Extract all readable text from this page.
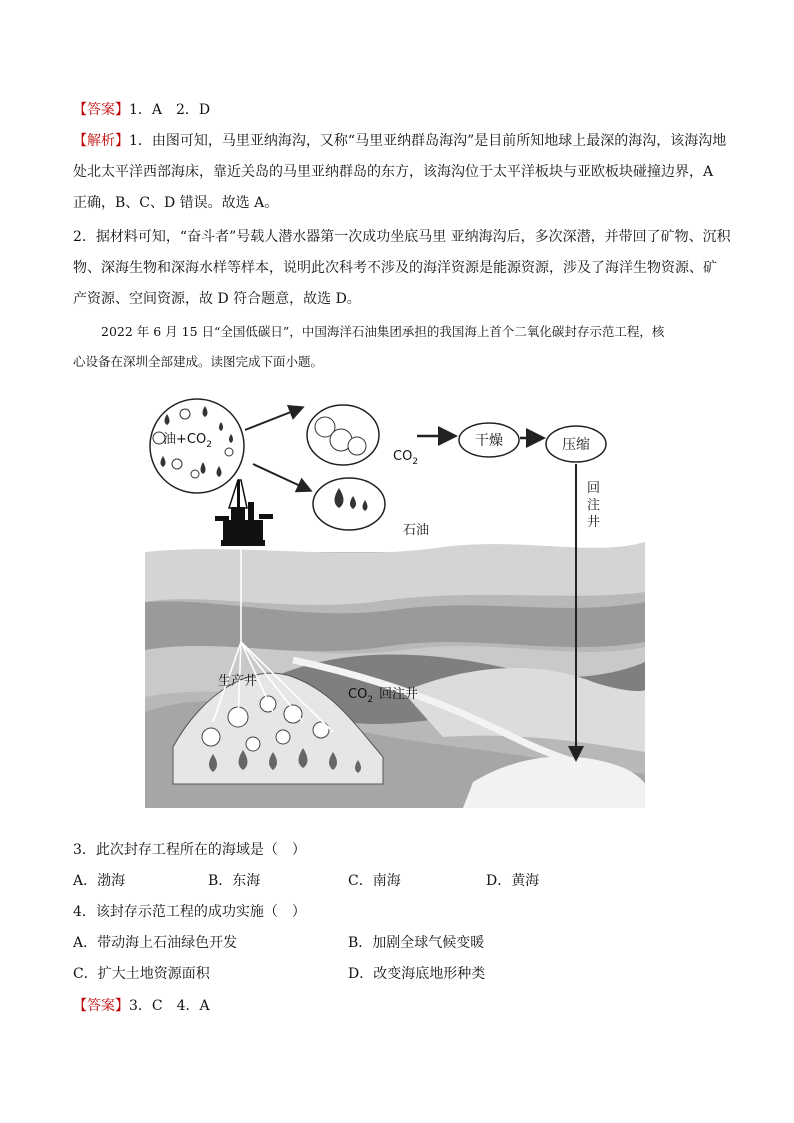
【答案】1．A　2．D
【解析】1．由图可知，马里亚纳海沟，又称“马里亚纳群岛海沟”是目前所知地球上最深的海沟，该海沟地
处北太平洋西部海床，靠近关岛的马里亚纳群岛的东方，该海沟位于太平洋板块与亚欧板块碰撞边界，A
正确，B、C、D 错误。故选 A。
2．据材料可知，“奋斗者”号载人潜水器第一次成功坐底马里 亚纳海沟后，多次深潜，并带回了矿物、沉积
物、深海生物和深海水样等样本，说明此次科考不涉及的海洋资源是能源资源，涉及了海洋生物资源、矿
产资源、空间资源，故 D 符合题意，故选 D。
2022 年 6 月 15 日“全国低碳日”，中国海洋石油集团承担的我国海上首个二氧化碳封存示范工程，核
心设备在深圳全部建成。读图完成下面小题。
油$+CO_2$
$CO_2$
干燥	压缩
回
注
井
石油
生产井
$CO_2$ 回注井
3．此次封存工程所在的海域是（　）
A．渤海	B．东海	C．南海	D．黄海
4．该封存示范工程的成功实施（　）
A．带动海上石油绿色开发	B．加剧全球气候变暖
C．扩大土地资源面积	D．改变海底地形种类
【答案】3．C　4．A
